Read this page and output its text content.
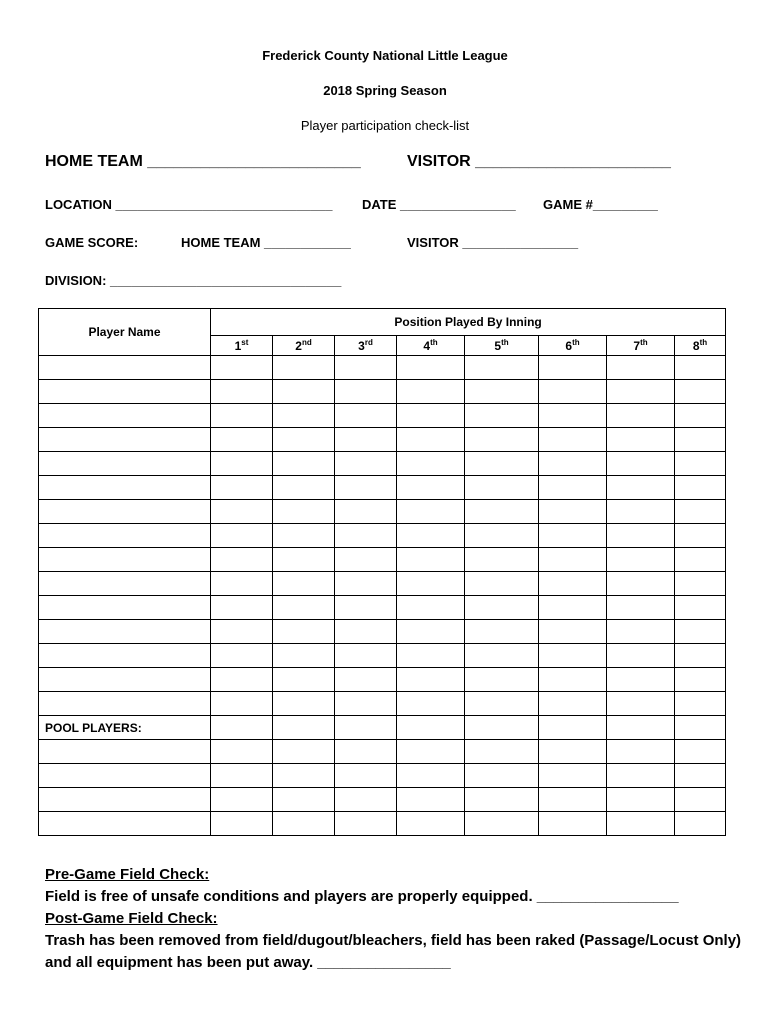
Frederick County National Little League
2018 Spring Season
Player participation check-list
HOME TEAM ________________________	VISITOR ______________________
LOCATION ______________________________ DATE ________________ GAME #_________
GAME SCORE:	HOME TEAM ____________	VISITOR ________________
DIVISION: ________________________________
Player Name	Position Played By Inning							
	1st	2nd	3rd	4th	5th	6th	7th	8th

POOL PLAYERS:								

Pre-Game Field Check:
Field is free of unsafe conditions and players are properly equipped. _________________
Post-Game Field Check:
Trash has been removed from field/dugout/bleachers, field has been raked (Passage/Locust Only) and all equipment has been put away. ________________
